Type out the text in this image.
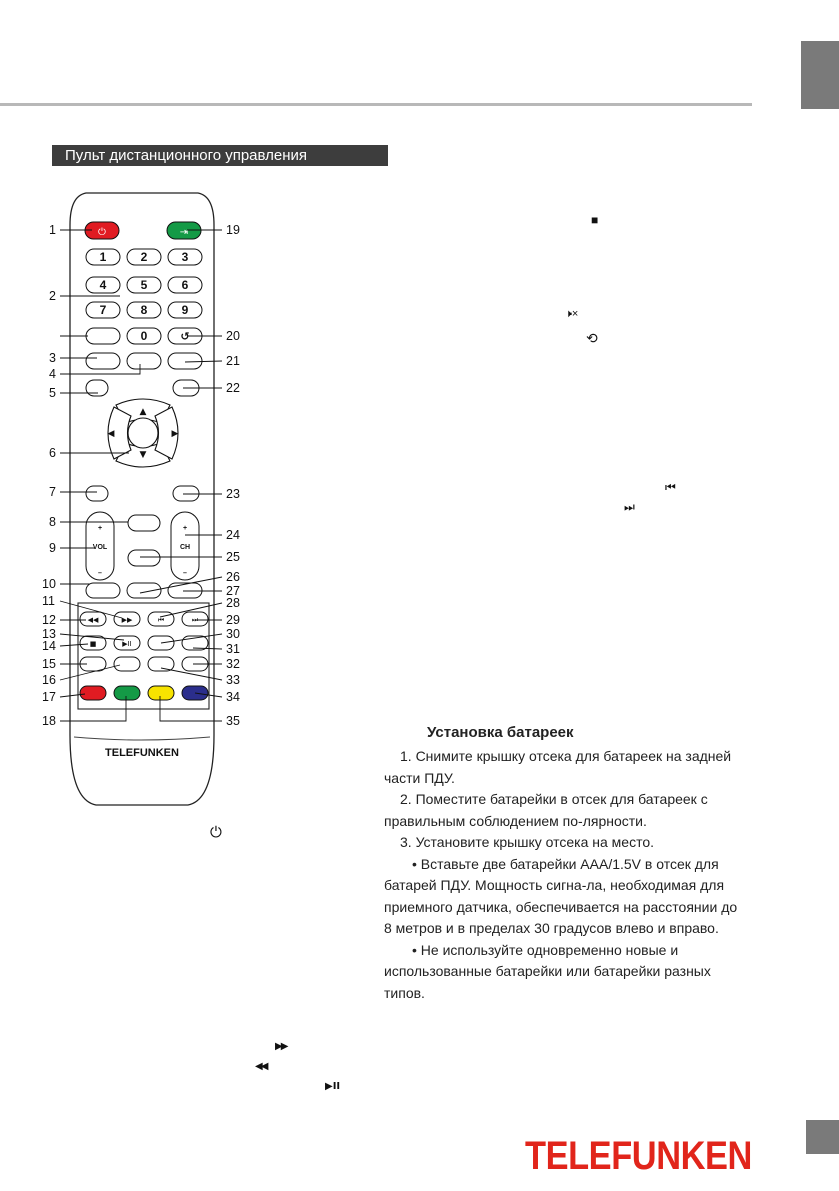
Пульт дистанционного управления
⏻	⇥
1	2	3
4	5	6
7	8	9
0	↺
▲
▼
◀	▶
+
VOL
–
+
CH
–
◀◀	▶▶	⏮	⏭
■	▶II
TELEFUNKEN
1
2
3
4
5
6
7
8
9
10
11
12
13
14
15
16
17
18
19
20
21
22
23
24
25
26
27
28
29
30
31
32
33
34
35
■
🕨×
⟲
⏮
⏭
⏻
▶▶
◀◀
▶II
Установка батареек

1. Снимите крышку отсека для батареек на задней части ПДУ.

2. Поместите батарейки в отсек для батареек с правильным соблюдением по-лярности.

3. Установите крышку отсека на место.

• Вставьте две батарейки AAA/1.5V в отсек для батарей ПДУ. Мощность сигна-ла, необходимая для приемного датчика, обеспечивается на расстоянии до 8 метров и в пределах 30 градусов влево и вправо.

• Не используйте одновременно новые и использованные батарейки или батарейки разных типов.

TELEFUNKEN
